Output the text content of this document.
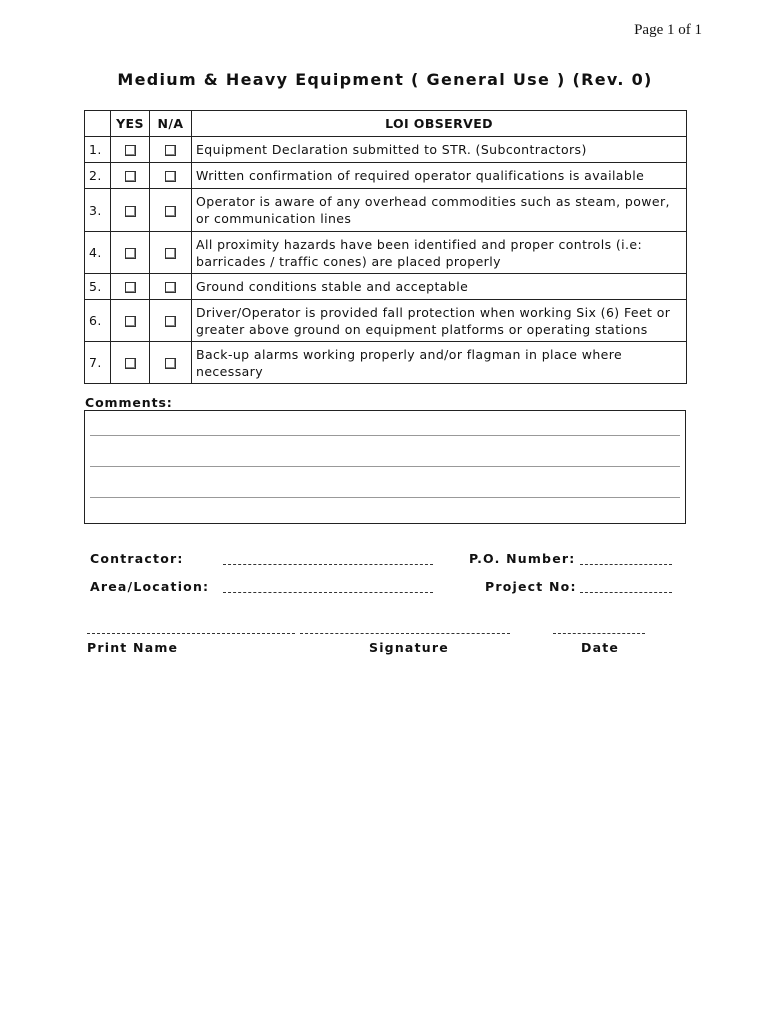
Page 1 of 1
Medium & Heavy Equipment ( General Use ) (Rev. 0)
	YES	N/A	LOI OBSERVED
1.			Equipment Declaration submitted to STR. (Subcontractors)
2.			Written confirmation of required operator qualifications is available
3.			Operator is aware of any overhead commodities such as steam, power, or communication lines
4.			All proximity hazards have been identified and proper controls (i.e: barricades / traffic cones) are placed properly
5.			Ground conditions stable and acceptable
6.			Driver/Operator is provided fall protection when working Six (6) Feet or greater above ground on equipment platforms or operating stations
7.			Back-up alarms working properly and/or flagman in place where necessary
Comments:
Contractor:	P.O. Number:
Area/Location:	Project No:
Print Name	Signature	Date
